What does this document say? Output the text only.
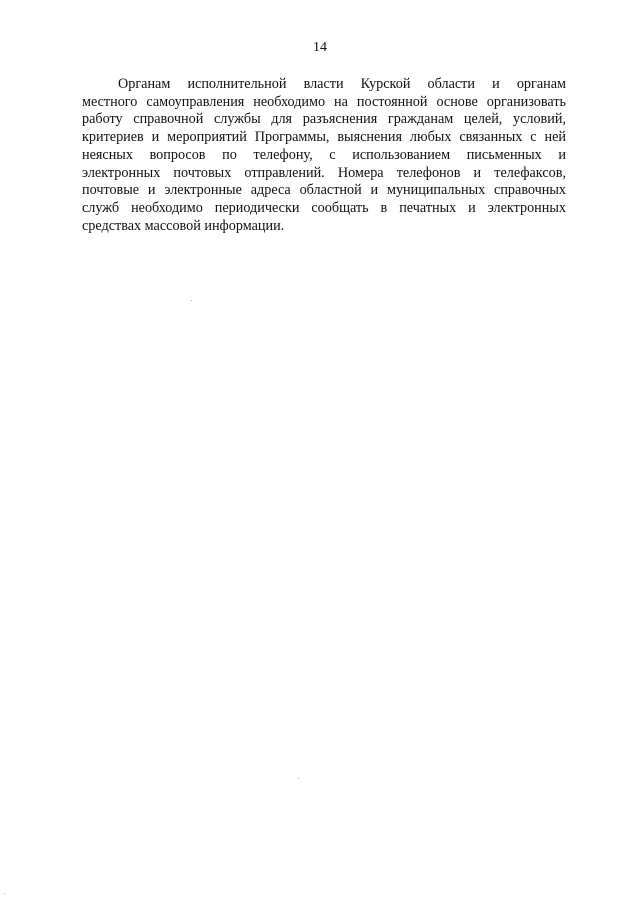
14

Органам исполнительной власти Курской области и органам
местного самоуправления необходимо на постоянной основе организовать
работу справочной службы для разъяснения гражданам целей, условий,
критериев и мероприятий Программы, выяснения любых связанных с ней
неясных вопросов по телефону, с использованием письменных и
электронных почтовых отправлений. Номера телефонов и телефаксов,
почтовые и электронные адреса областной и муниципальных справочных
служб необходимо периодически сообщать в печатных и электронных
средствах массовой информации.
